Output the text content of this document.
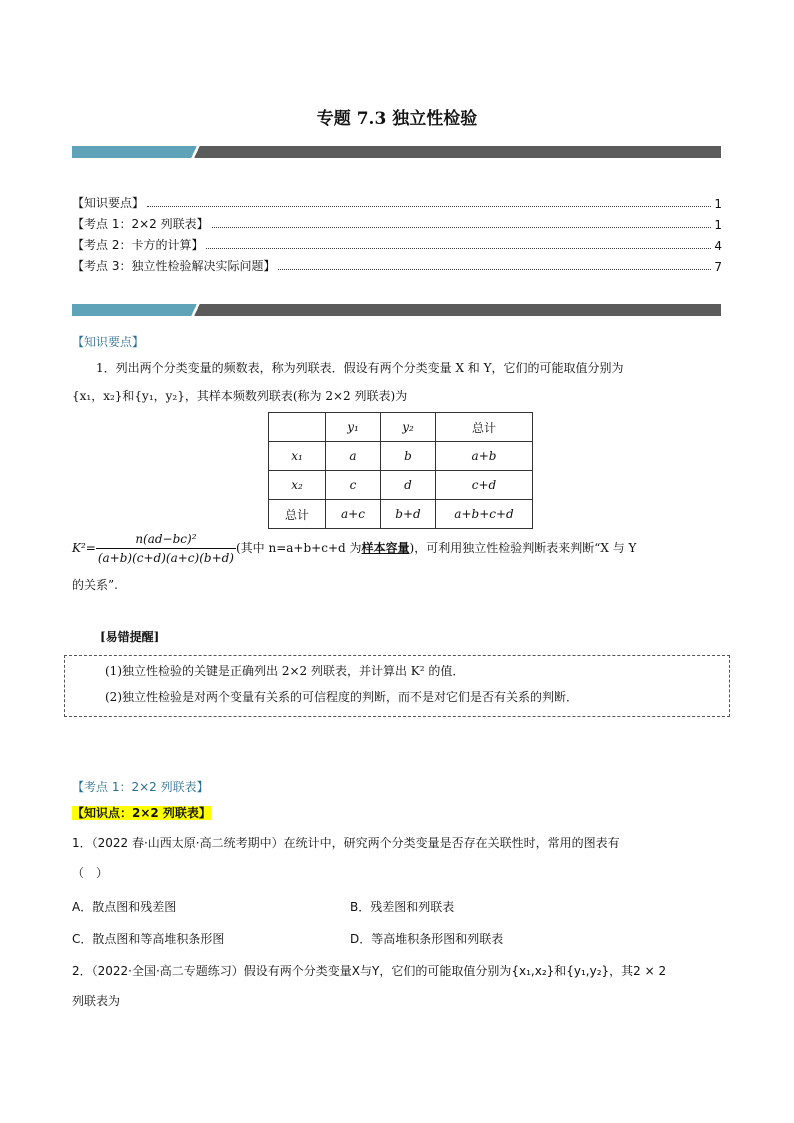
专题 7.3 独立性检验
【知识要点】	1
【考点 1：2×2 列联表】	1
【考点 2：卡方的计算】	4
【考点 3：独立性检验解决实际问题】	7
【知识要点】
1．列出两个分类变量的频数表，称为列联表．假设有两个分类变量 X 和 Y，它们的可能取值分别为
{x₁，x₂}和{y₁，y₂}，其样本频数列联表(称为 2×2 列联表)为
	y₁	y₂	总计
x₁	a	b	a+b
x₂	c	d	c+d
总计	a+c	b+d	a+b+c+d
$K^2= \frac{\text{n(ad−bc)²}}{(a+b)(c+d)(a+c)(b+d)}$ (其中 n=a+b+c+d 为样本容量)，可利用独立性检验判断表来判断“X 与 Y
的关系”.
[易错提醒]
(1)独立性检验的关键是正确列出 2×2 列联表，并计算出 K² 的值．
(2)独立性检验是对两个变量有关系的可信程度的判断，而不是对它们是否有关系的判断．
【考点 1：2×2 列联表】
【知识点：2×2 列联表】
1．（2022 春·山西太原·高二统考期中）在统计中，研究两个分类变量是否存在关联性时，常用的图表有
（　）
A．散点图和残差图	B．残差图和列联表
C．散点图和等高堆积条形图	D．等高堆积条形图和列联表
2．（2022·全国·高二专题练习）假设有两个分类变量X与Y，它们的可能取值分别为{x₁,x₂}和{y₁,y₂}，其2 × 2
列联表为
